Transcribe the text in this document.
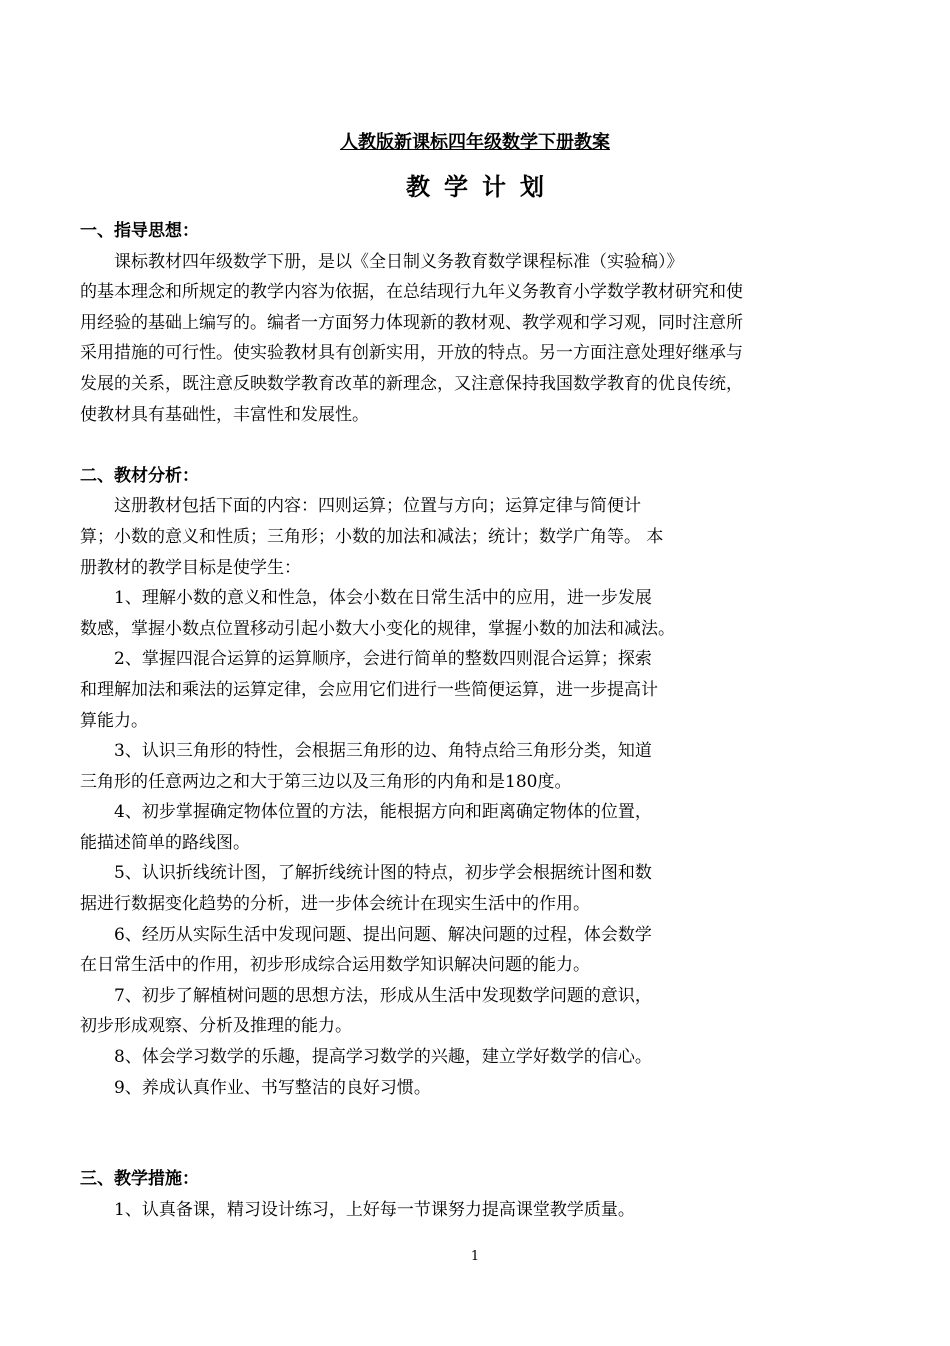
人教版新课标四年级数学下册教案
教学计划

一、指导思想：

课标教材四年级数学下册，是以《全日制义务教育数学课程标准（实验稿）》
的基本理念和所规定的教学内容为依据，在总结现行九年义务教育小学数学教材研究和使
用经验的基础上编写的。编者一方面努力体现新的教材观、教学观和学习观，同时注意所
采用措施的可行性。使实验教材具有创新实用，开放的特点。另一方面注意处理好继承与
发展的关系，既注意反映数学教育改革的新理念，又注意保持我国数学教育的优良传统，
使教材具有基础性，丰富性和发展性。

二、教材分析：

这册教材包括下面的内容：四则运算；位置与方向；运算定律与简便计
算；小数的意义和性质；三角形；小数的加法和减法；统计；数学广角等。 本
册教材的教学目标是使学生：
1、理解小数的意义和性急，体会小数在日常生活中的应用，进一步发展
数感，掌握小数点位置移动引起小数大小变化的规律，掌握小数的加法和减法。
2、掌握四混合运算的运算顺序，会进行简单的整数四则混合运算；探索
和理解加法和乘法的运算定律，会应用它们进行一些简便运算，进一步提高计
算能力。
3、认识三角形的特性，会根据三角形的边、角特点给三角形分类，知道
三角形的任意两边之和大于第三边以及三角形的内角和是180度。
4、初步掌握确定物体位置的方法，能根据方向和距离确定物体的位置，
能描述简单的路线图。
5、认识折线统计图，了解折线统计图的特点，初步学会根据统计图和数
据进行数据变化趋势的分析，进一步体会统计在现实生活中的作用。
6、经历从实际生活中发现问题、提出问题、解决问题的过程，体会数学
在日常生活中的作用，初步形成综合运用数学知识解决问题的能力。
7、初步了解植树问题的思想方法，形成从生活中发现数学问题的意识，
初步形成观察、分析及推理的能力。
8、体会学习数学的乐趣，提高学习数学的兴趣，建立学好数学的信心。
9、养成认真作业、书写整洁的良好习惯。

三、教学措施：

1、认真备课，精习设计练习，上好每一节课努力提高课堂教学质量。
1
